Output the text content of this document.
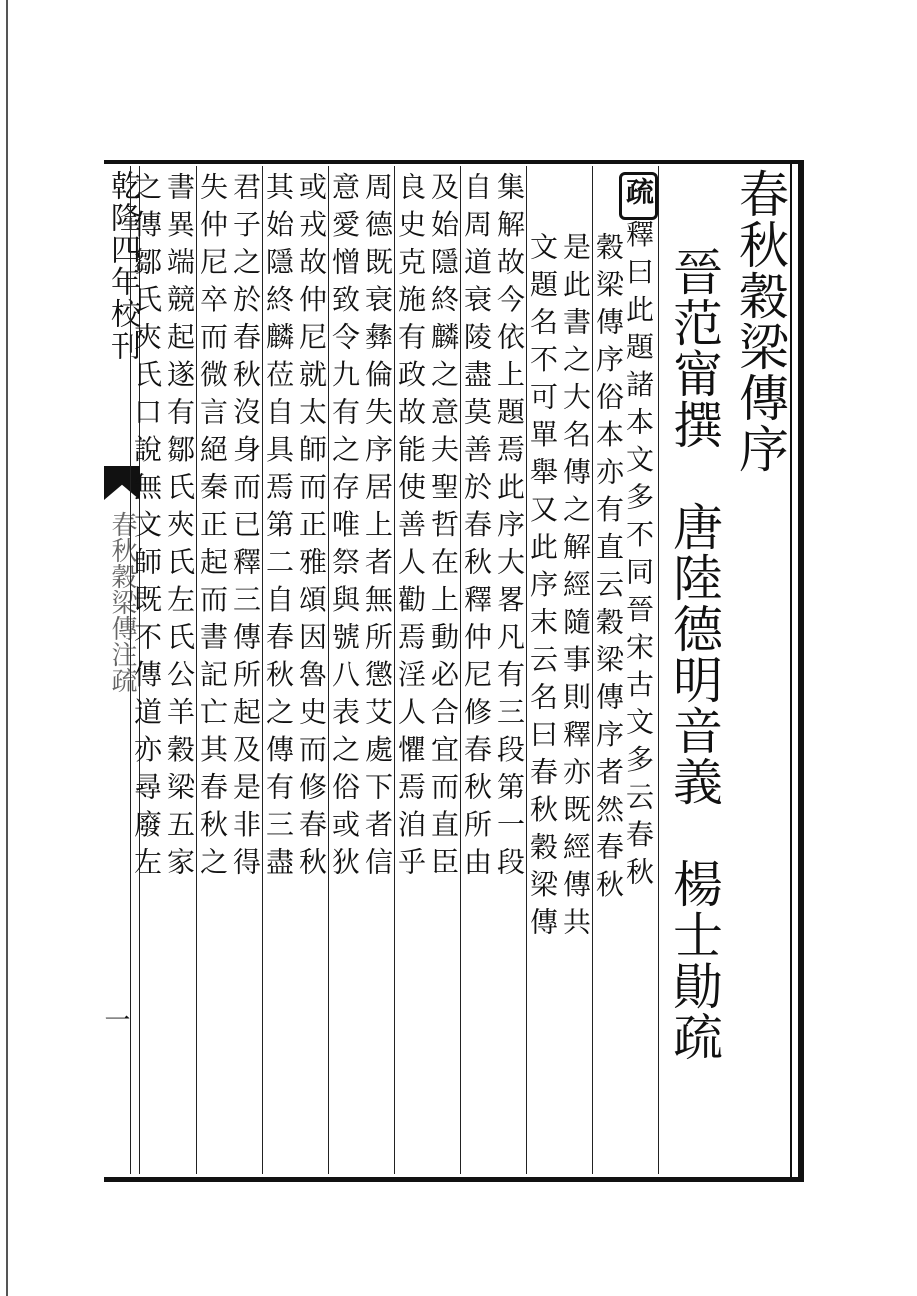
乾隆四年校刊
春秋穀梁傳注疏
一
春秋穀梁傳序
晉范甯撰　唐陸德明音義　楊士勛疏
疏釋曰此題諸本文多不同晉宋古文多云春秋
穀梁傳序俗本亦有直云穀梁傳序者然春秋
是此書之大名傳之解經隨事則釋亦既經傳共
文題名不可單舉又此序末云名曰春秋穀梁傳
集解故今依上題焉此序大畧凡有三段第一段
自周道衰陵盡莫善於春秋釋仲尼修春秋所由
及始隱終麟之意夫聖哲在上動必合宜而直臣
良史克施有政故能使善人勸焉淫人懼焉洎乎
周德既衰彝倫失序居上者無所懲艾處下者信
意愛憎致令九有之存唯祭與號八表之俗或狄
或戎故仲尼就太師而正雅頌因魯史而修春秋
其始隱終麟莅自具焉第二自春秋之傳有三盡
君子之於春秋沒身而已釋三傳所起及是非得
失仲尼卒而微言絕秦正起而書記亡其春秋之
書異端競起遂有鄒氏夾氏左氏公羊穀梁五家
之傳鄒氏夾氏口說無文師既不傳道亦尋廢左
